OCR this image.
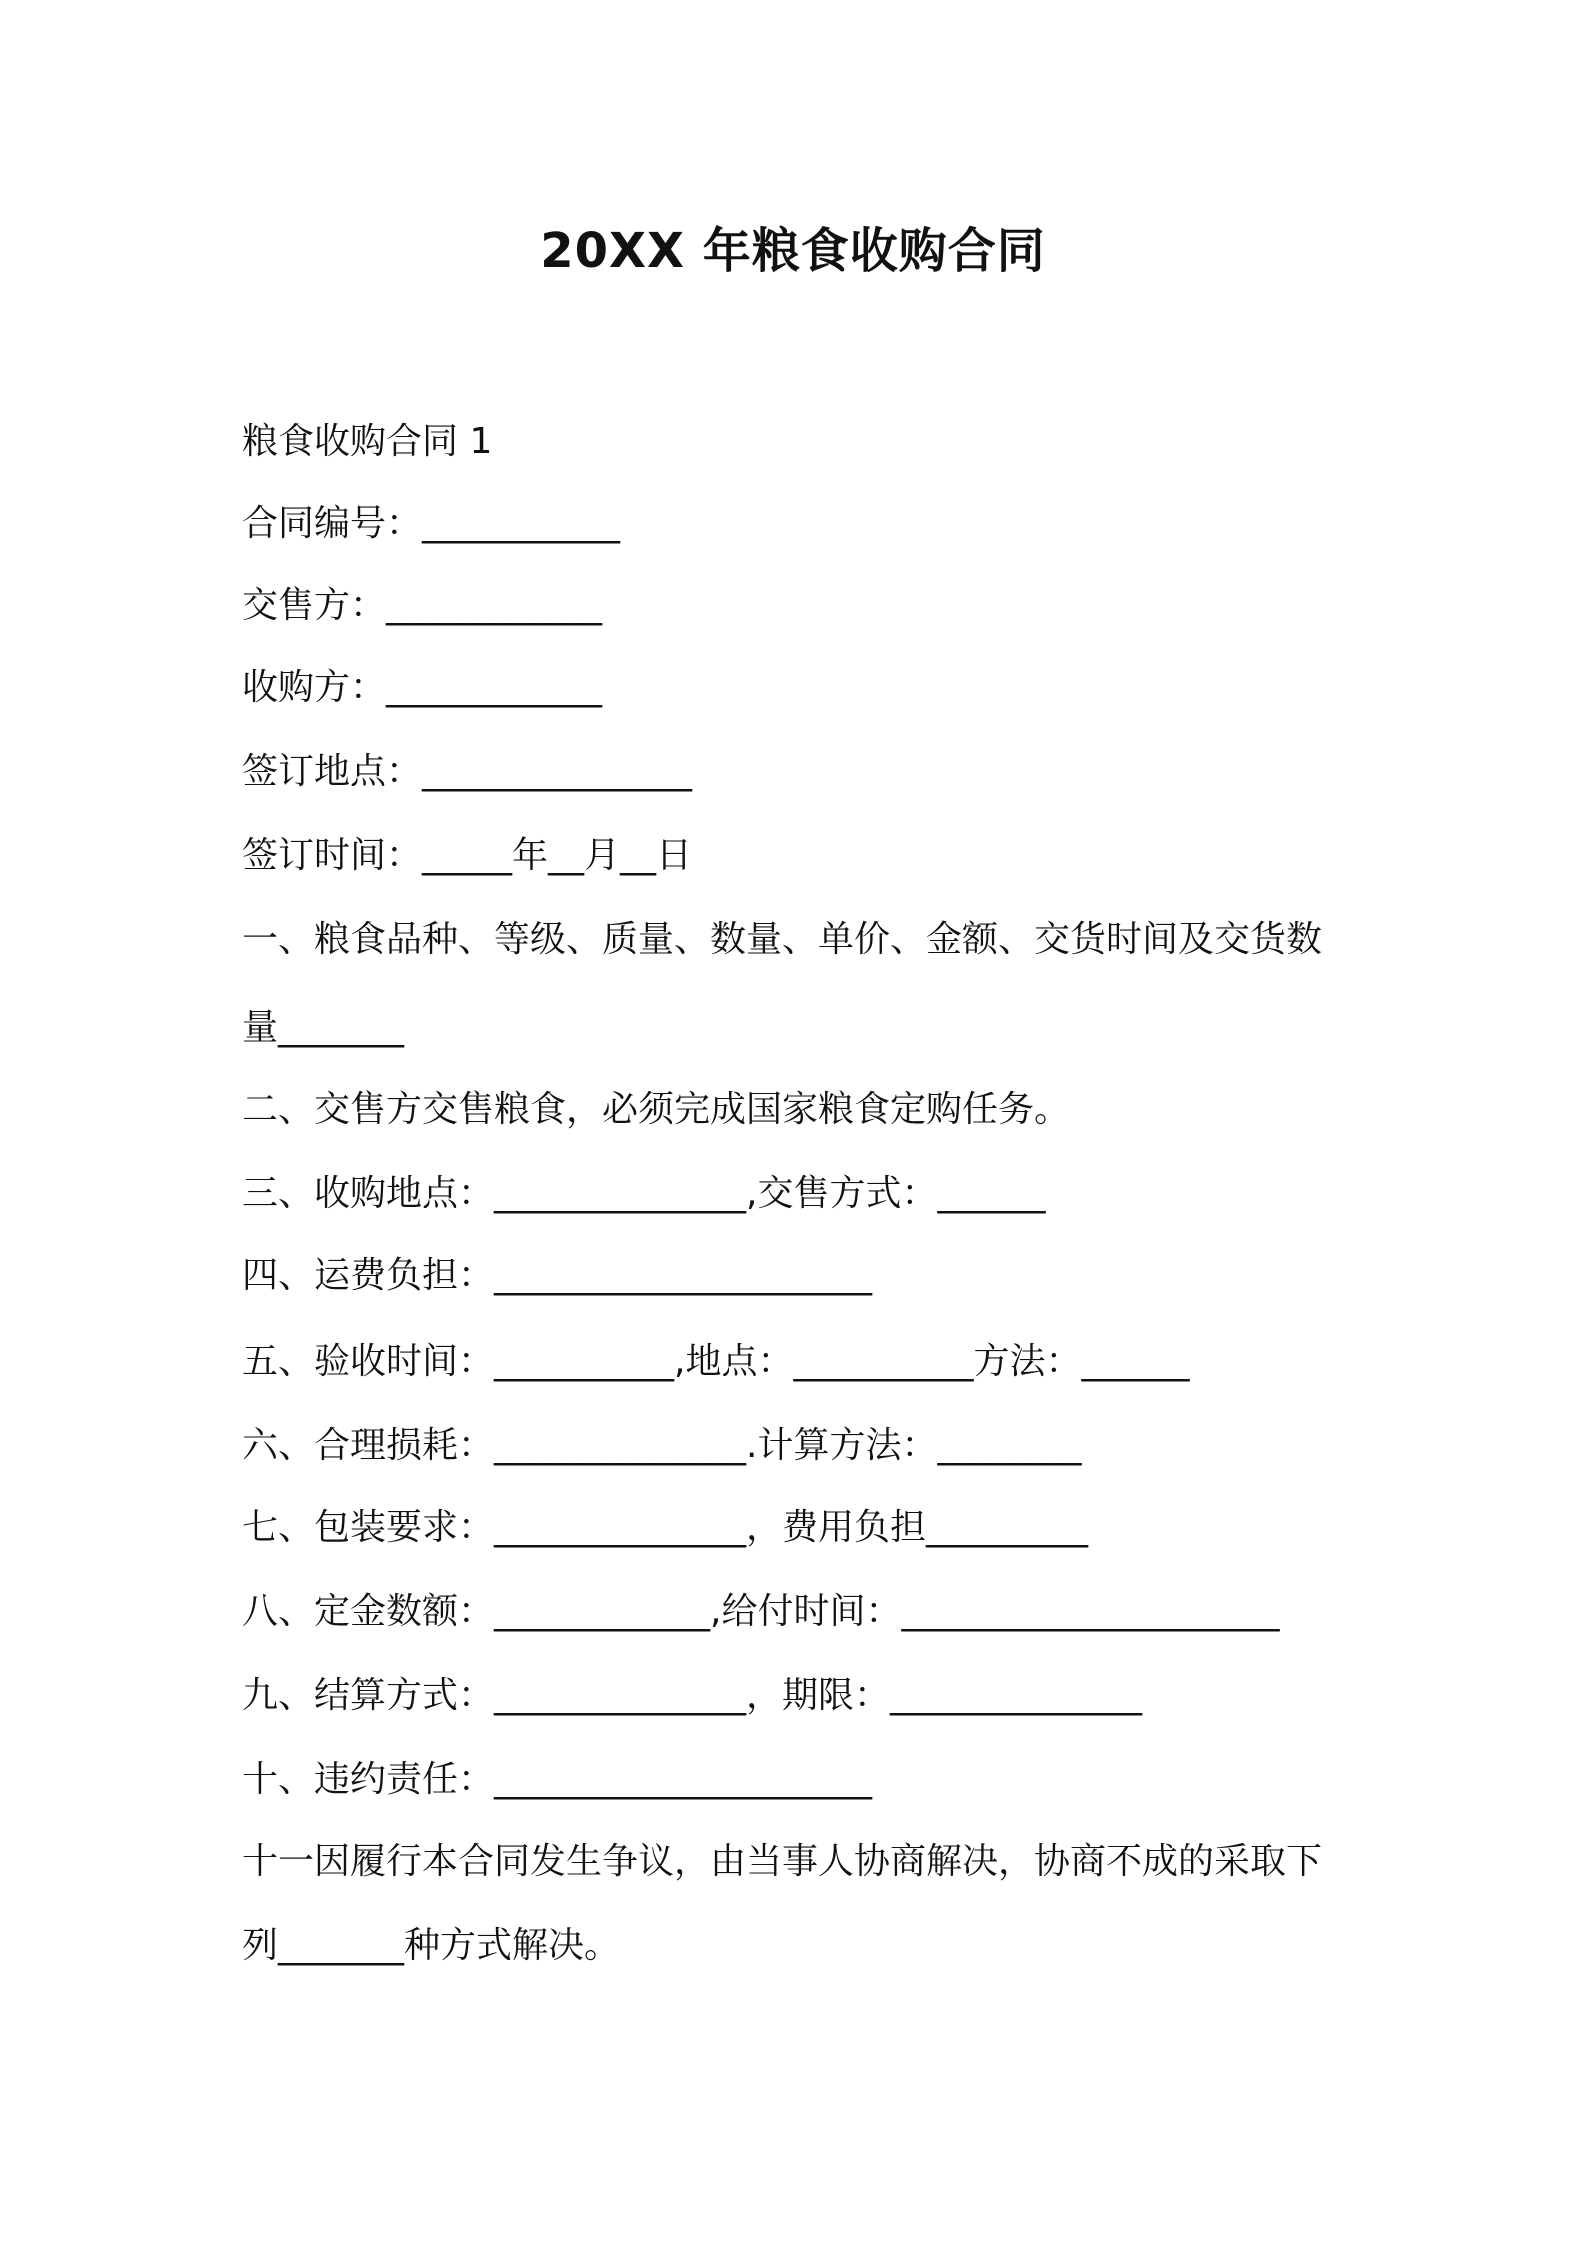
20XX 年粮食收购合同

粮食收购合同 1

合同编号：___________

交售方：____________

收购方：____________

签订地点：_______________

签订时间：_____年__月__日

一、粮食品种、等级、质量、数量、单价、金额、交货时间及交货数

量_______

二、交售方交售粮食，必须完成国家粮食定购任务。

三、收购地点：______________,交售方式：______

四、运费负担：_____________________

五、验收时间：__________,地点：__________方法：______

六、合理损耗：______________.计算方法：________

七、包装要求：______________，费用负担_________

八、定金数额：____________,给付时间：_____________________

九、结算方式：______________，期限：______________

十、违约责任：_____________________

十一因履行本合同发生争议，由当事人协商解决，协商不成的采取下

列_______种方式解决。
